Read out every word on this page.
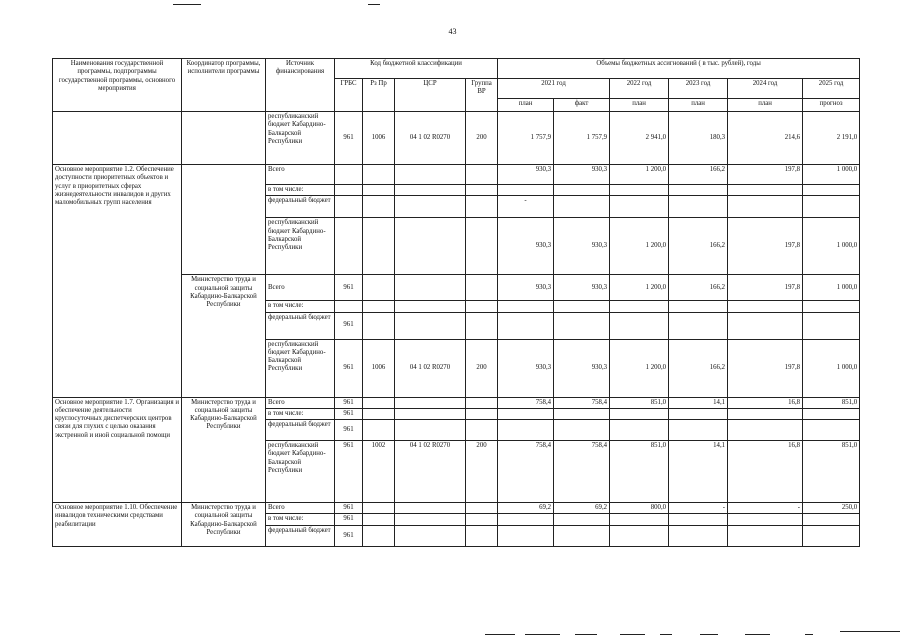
43
Наименования государственной программы, подпрограммы государственной программы, основного мероприятия	Координатор программы, исполнители программы	Источник финансирования	Код бюджетной классификации				Объемы бюджетных ассигнований ( в тыс. рублей), годы					
			ГРБС	Рз Пр	ЦСР	Группа ВР	2021 год		2022 год	2023 год	2024 год	2025 год
							план	факт	план	план	план	прогноз
		республиканский бюджет Кабардино-Балкарской Республики	961	1006	04 1 02 R0270	200	1 757,9	1 757,9	2 941,0	180,3	214,6	2 191,0
Основное мероприятие 1.2. Обеспечение доступности приоритетных объектов и услуг в приоритетных сферах жизнедеятельности инвалидов и других маломобильных групп населения		Всего					930,3	930,3	1 200,0	166,2	197,8	1 000,0
		в том числе:										
		федеральный бюджет					-					
		республиканский бюджет Кабардино-Балкарской Республики					930,3	930,3	1 200,0	166,2	197,8	1 000,0
	Министерство труда и социальной защиты Кабардино-Балкарской Республики	Всего	961				930,3	930,3	1 200,0	166,2	197,8	1 000,0
		в том числе:										
		федеральный бюджет	961									
		республиканский бюджет Кабардино-Балкарской Республики	961	1006	04 1 02 R0270	200	930,3	930,3	1 200,0	166,2	197,8	1 000,0
Основное мероприятие 1.7. Организация и обеспечение деятельности круглосуточных диспетчерских центров связи для глухих с целью оказания экстренной и иной социальной помощи	Министерство труда и социальной защиты Кабардино-Балкарской Республики	Всего	961				758,4	758,4	851,0	14,1	16,8	851,0
		в том числе:	961									
		федеральный бюджет	961									
		республиканский бюджет Кабардино-Балкарской Республики	961	1002	04 1 02 R0270	200	758,4	758,4	851,0	14,1	16,8	851,0
Основное мероприятие 1.10. Обеспечение инвалидов техническими средствами реабилитации	Министерство труда и социальной защиты Кабардино-Балкарской Республики	Всего	961				69,2	69,2	800,0	-	-	250,0
		в том числе:	961									
		федеральный бюджет	961									
